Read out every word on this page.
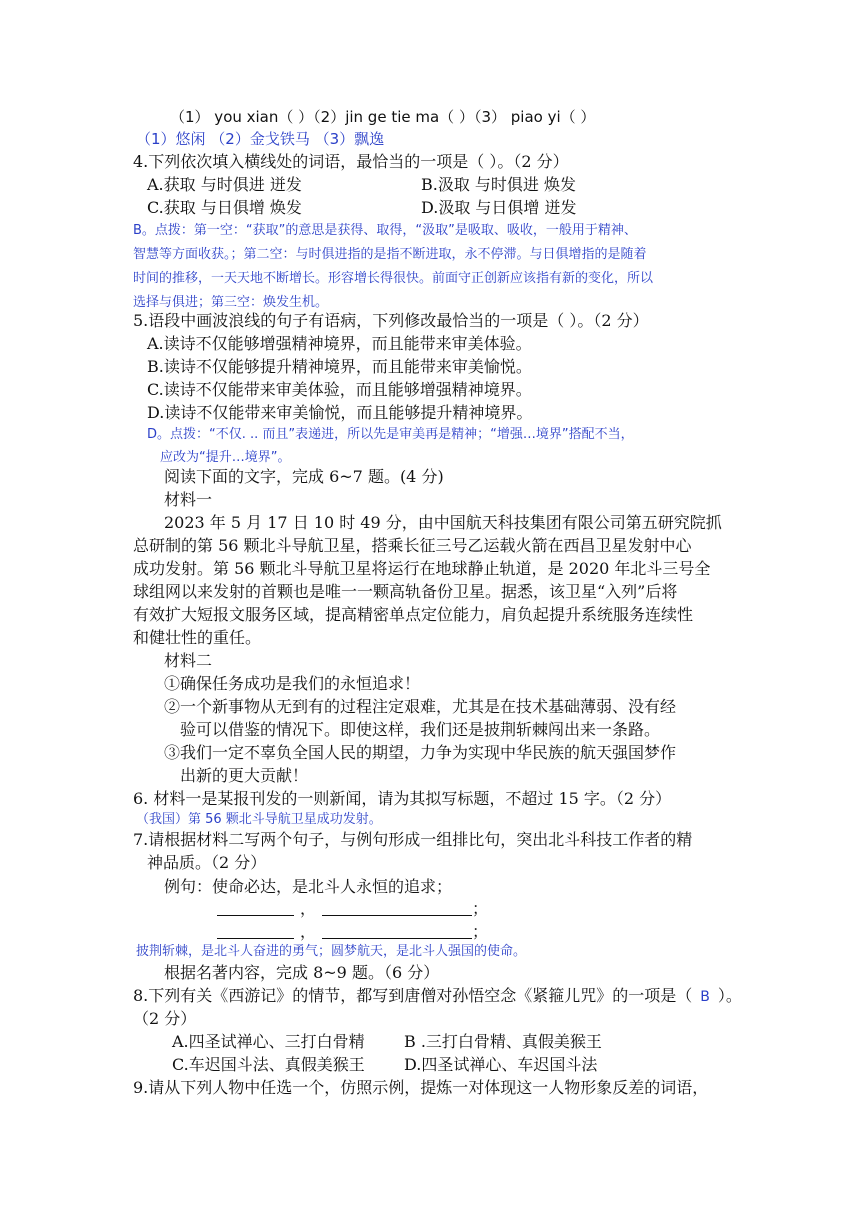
（1） you xian（ ）（2）jin ge tie ma（ ）（3） piao yi（ ）
（1）悠闲 （2）金戈铁马 （3）飘逸
4.下列依次填入横线处的词语，最恰当的一项是（ ）。（2 分）
A.获取 与时俱进 迸发	B.汲取 与时俱进 焕发
C.获取 与日俱增 焕发	D.汲取 与日俱增 迸发
B。点拨：第一空：“获取”的意思是获得、取得，“汲取”是吸取、吸收，一般用于精神、
智慧等方面收获。；第二空：与时俱进指的是指不断进取，永不停滞。与日俱增指的是随着
时间的推移，一天天地不断增长。形容增长得很快。前面守正创新应该指有新的变化，所以
选择与俱进；第三空：焕发生机。
5.语段中画波浪线的句子有语病，下列修改最恰当的一项是（ ）。（2 分）
A.读诗不仅能够增强精神境界，而且能带来审美体验。
B.读诗不仅能够提升精神境界，而且能带来审美愉悦。
C.读诗不仅能带来审美体验，而且能够增强精神境界。
D.读诗不仅能带来审美愉悦，而且能够提升精神境界。
D。点拨：“不仅. .. 而且”表递进，所以先是审美再是精神；“增强…境界”搭配不当，
应改为“提升…境界”。
阅读下面的文字，完成 6~7 题。(4 分)
材料一
2023 年 5 月 17 日 10 时 49 分，由中国航天科技集团有限公司第五研究院抓
总研制的第 56 颗北斗导航卫星，搭乘长征三号乙运载火箭在西昌卫星发射中心
成功发射。第 56 颗北斗导航卫星将运行在地球静止轨道，是 2020 年北斗三号全
球组网以来发射的首颗也是唯一一颗高轨备份卫星。据悉，该卫星“入列”后将
有效扩大短报文服务区域，提高精密单点定位能力，肩负起提升系统服务连续性
和健壮性的重任。
材料二
①确保任务成功是我们的永恒追求！
②一个新事物从无到有的过程注定艰难，尤其是在技术基础薄弱、没有经
验可以借鉴的情况下。即使这样，我们还是披荆斩棘闯出来一条路。
③我们一定不辜负全国人民的期望，力争为实现中华民族的航天强国梦作
出新的更大贡献！
6. 材料一是某报刊发的一则新闻，请为其拟写标题，不超过 15 字。（2 分）
（我国）第 56 颗北斗导航卫星成功发射。
7.请根据材料二写两个句子，与例句形成一组排比句，突出北斗科技工作者的精
神品质。（2 分）
例句：使命必达，是北斗人永恒的追求；
，	；
，	；
披荆斩棘，是北斗人奋进的勇气；圆梦航天，是北斗人强国的使命。
根据名著内容，完成 8~9 题。（6 分）
8.下列有关《西游记》的情节，都写到唐僧对孙悟空念《紧箍儿咒》的一项是（ B ）。
（2 分）
A.四圣试禅心、三打白骨精 B .三打白骨精、真假美猴王
C.车迟国斗法、真假美猴王 D.四圣试禅心、车迟国斗法
9.请从下列人物中任选一个，仿照示例，提炼一对体现这一人物形象反差的词语，
